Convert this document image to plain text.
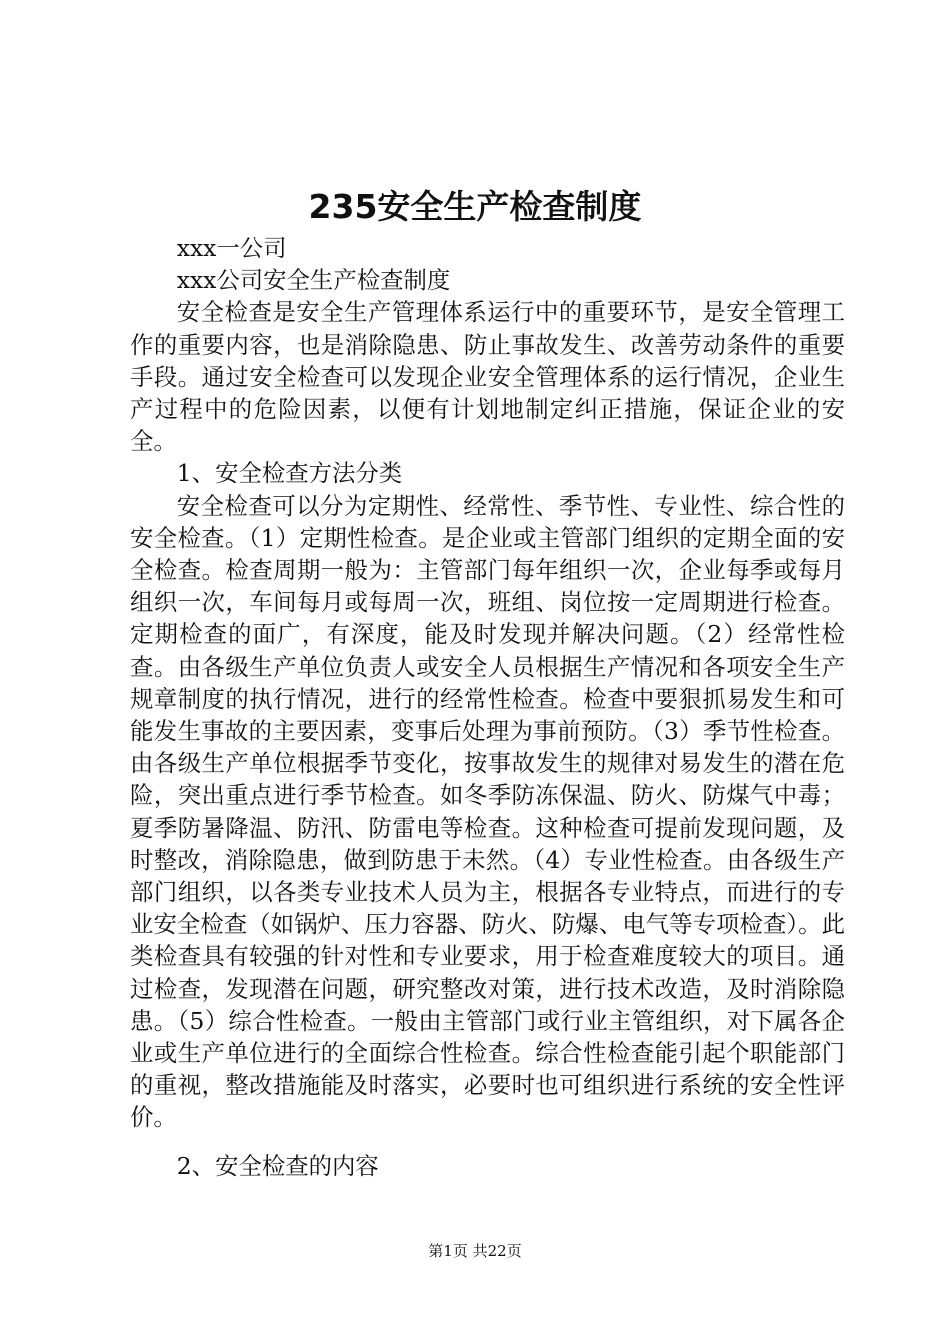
235安全生产检查制度

xxx一公司

xxx公司安全生产检查制度

安全检查是安全生产管理体系运行中的重要环节，是安全管理工作的重要内容，也是消除隐患、防止事故发生、改善劳动条件的重要手段。通过安全检查可以发现企业安全管理体系的运行情况，企业生产过程中的危险因素，以便有计划地制定纠正措施，保证企业的安全。

1、安全检查方法分类

安全检查可以分为定期性、经常性、季节性、专业性、综合性的安全检查。（1）定期性检查。是企业或主管部门组织的定期全面的安全检查。检查周期一般为：主管部门每年组织一次，企业每季或每月组织一次，车间每月或每周一次，班组、岗位按一定周期进行检查。定期检查的面广，有深度，能及时发现并解决问题。（2）经常性检查。由各级生产单位负责人或安全人员根据生产情况和各项安全生产规章制度的执行情况，进行的经常性检查。检查中要狠抓易发生和可能发生事故的主要因素，变事后处理为事前预防。（3）季节性检查。由各级生产单位根据季节变化，按事故发生的规律对易发生的潜在危险，突出重点进行季节检查。如冬季防冻保温、防火、防煤气中毒；夏季防暑降温、防汛、防雷电等检查。这种检查可提前发现问题，及时整改，消除隐患，做到防患于未然。（4）专业性检查。由各级生产部门组织，以各类专业技术人员为主，根据各专业特点，而进行的专业安全检查（如锅炉、压力容器、防火、防爆、电气等专项检查）。此类检查具有较强的针对性和专业要求，用于检查难度较大的项目。通过检查，发现潜在问题，研究整改对策，进行技术改造，及时消除隐患。（5）综合性检查。一般由主管部门或行业主管组织，对下属各企业或生产单位进行的全面综合性检查。综合性检查能引起个职能部门的重视，整改措施能及时落实，必要时也可组织进行系统的安全性评价。

2、安全检查的内容

第1页 共22页
